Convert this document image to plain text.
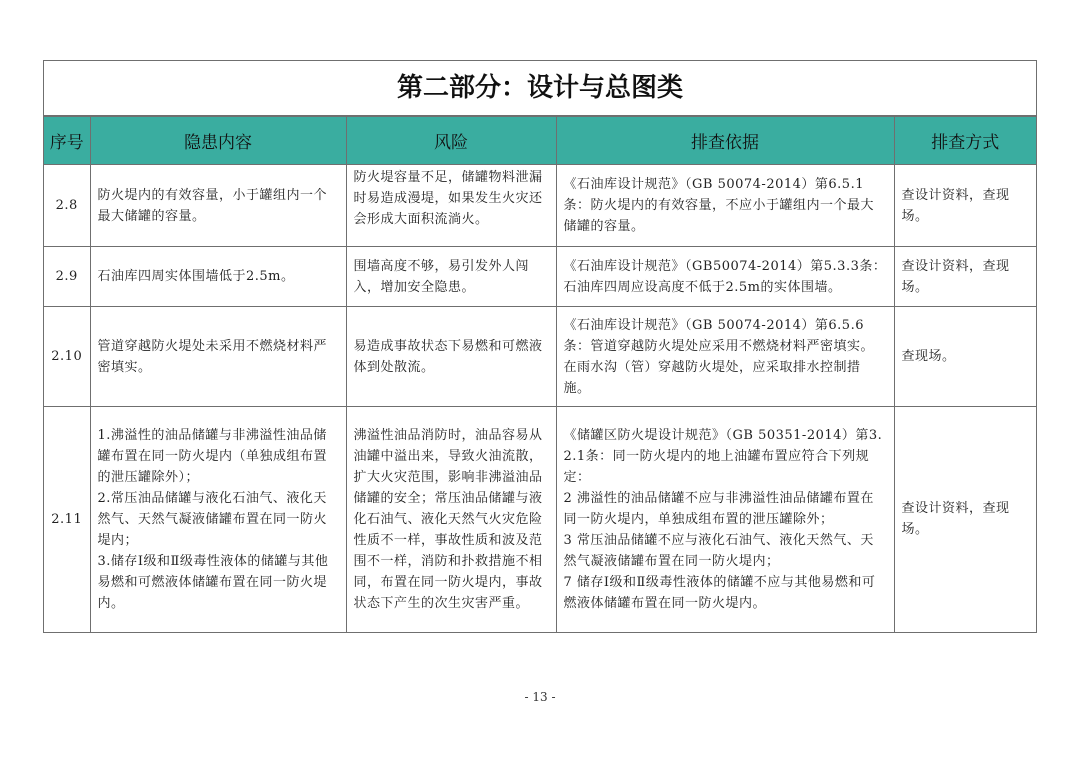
第二部分：设计与总图类
序号	隐患内容	风险	排查依据	排查方式
2.8	防火堤内的有效容量，小于罐组内一个最大储罐的容量。	防火堤容量不足，储罐物料泄漏时易造成漫堤，如果发生火灾还会形成大面积流淌火。	《石油库设计规范》（GB 50074-2014）第6.5.1条：防火堤内的有效容量，不应小于罐组内一个最大储罐的容量。	查设计资料，查现场。
2.9	石油库四周实体围墙低于2.5m。	围墙高度不够，易引发外人闯入，增加安全隐患。	《石油库设计规范》（GB50074-2014）第5.3.3条：石油库四周应设高度不低于2.5m的实体围墙。	查设计资料，查现场。
2.10	管道穿越防火堤处未采用不燃烧材料严密填实。	易造成事故状态下易燃和可燃液体到处散流。	《石油库设计规范》（GB 50074-2014）第6.5.6条：管道穿越防火堤处应采用不燃烧材料严密填实。在雨水沟（管）穿越防火堤处，应采取排水控制措施。	查现场。
2.11	1.沸溢性的油品储罐与非沸溢性油品储罐布置在同一防火堤内（单独成组布置的泄压罐除外）；
2.常压油品储罐与液化石油气、液化天然气、天然气凝液储罐布置在同一防火堤内；
3.储存Ⅰ级和Ⅱ级毒性液体的储罐与其他易燃和可燃液体储罐布置在同一防火堤内。	沸溢性油品消防时，油品容易从油罐中溢出来，导致火油流散，扩大火灾范围，影响非沸溢油品储罐的安全；常压油品储罐与液化石油气、液化天然气火灾危险性质不一样，事故性质和波及范围不一样，消防和扑救措施不相同，布置在同一防火堤内，事故状态下产生的次生灾害严重。	《储罐区防火堤设计规范》（GB 50351-2014）第3.2.1条：同一防火堤内的地上油罐布置应符合下列规定：
2 沸溢性的油品储罐不应与非沸溢性油品储罐布置在同一防火堤内，单独成组布置的泄压罐除外；
3 常压油品储罐不应与液化石油气、液化天然气、天然气凝液储罐布置在同一防火堤内；
7 储存Ⅰ级和Ⅱ级毒性液体的储罐不应与其他易燃和可燃液体储罐布置在同一防火堤内。	查设计资料，查现场。
- 13 -
